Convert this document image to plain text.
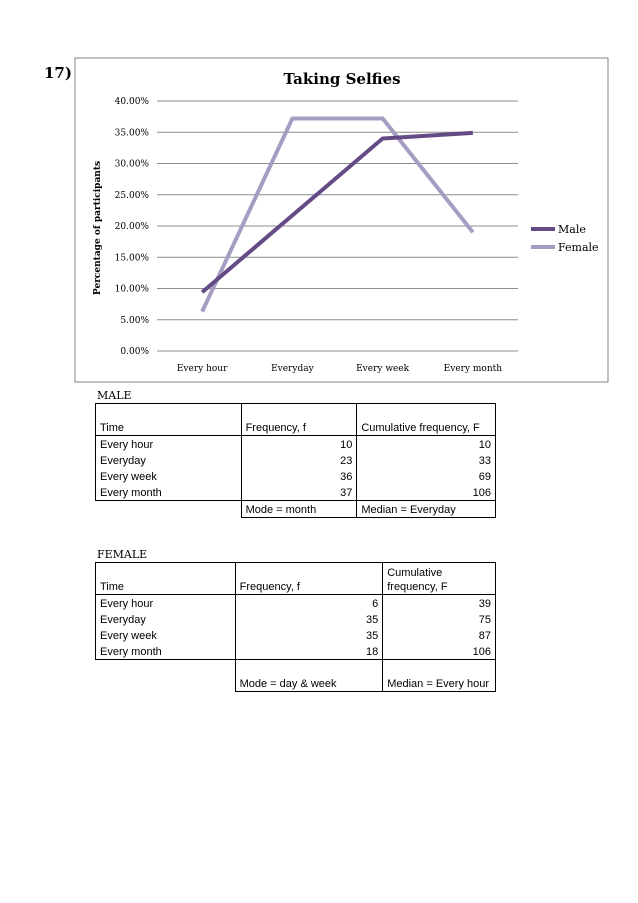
17)	Taking Selfies
0.00%
5.00%
10.00%
15.00%
20.00%
25.00%
30.00%
35.00%
40.00%
Every hour	Everyday	Every week	Every month
Percentage of participants	Male
Female
MALE
Time	Frequency, f	Cumulative frequency, F
Every hour	10	10
Everyday	23	33
Every week	36	69
Every month	37	106
	Mode = month	Median = Everyday
FEMALE
Time	Frequency, f	Cumulative frequency, F
Every hour	6	39
Everyday	35	75
Every week	35	87
Every month	18	106
	Mode = day & week	Median = Every hour
